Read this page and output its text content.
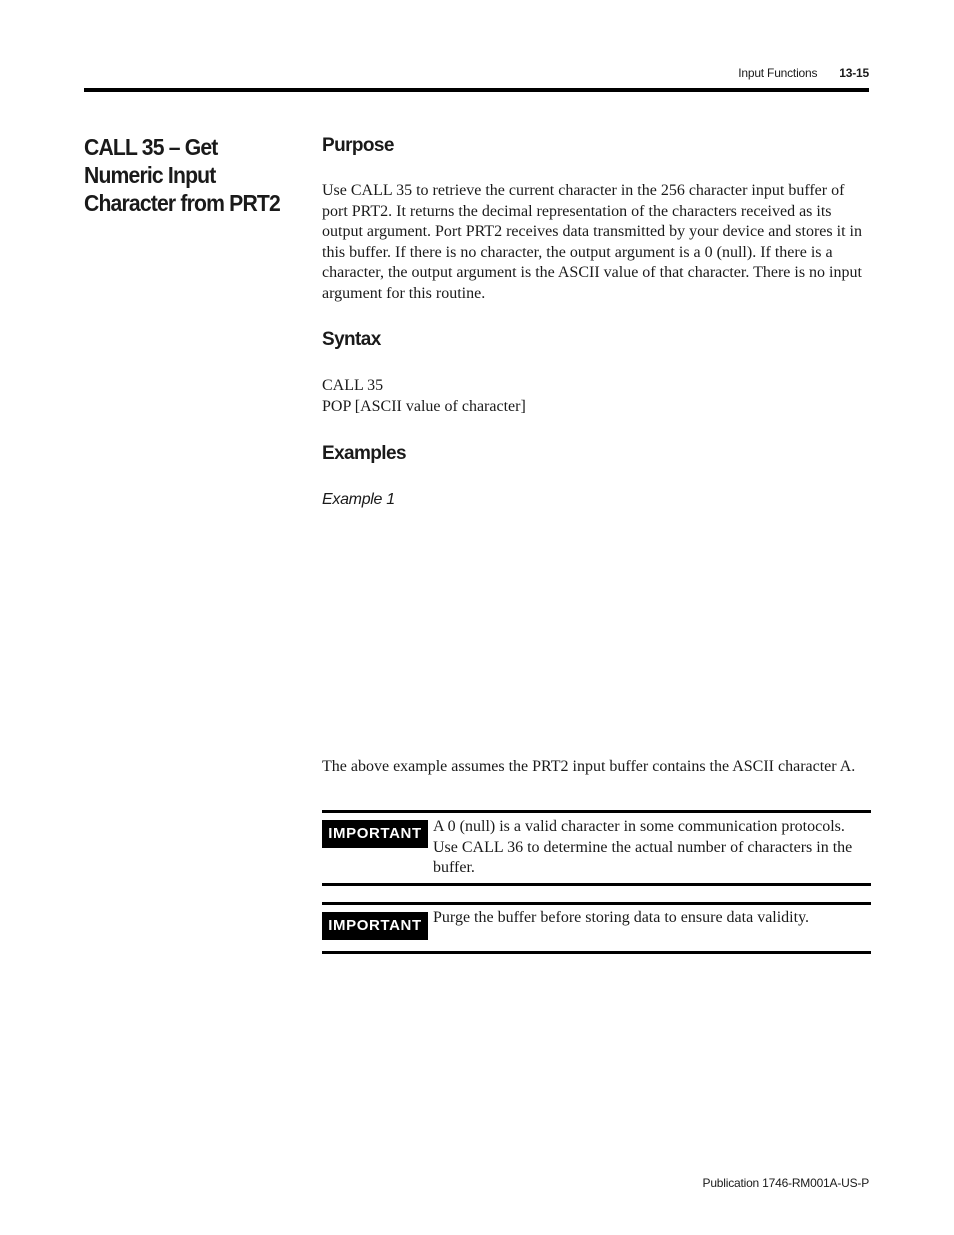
Input Functions 13-15
CALL 35 – Get Numeric Input Character from PRT2
Purpose
Use CALL 35 to retrieve the current character in the 256 character input buffer of port PRT2. It returns the decimal representation of the characters received as its output argument. Port PRT2 receives data transmitted by your device and stores it in this buffer. If there is no character, the output argument is a 0 (null). If there is a character, the output argument is the ASCII value of that character. There is no input argument for this routine.
Syntax
CALL 35
POP [ASCII value of character]
Examples
Example 1
The above example assumes the PRT2 input buffer contains the ASCII character A.
IMPORTANT A 0 (null) is a valid character in some communication protocols. Use CALL 36 to determine the actual number of characters in the buffer.
IMPORTANT Purge the buffer before storing data to ensure data validity.
Publication 1746-RM001A-US-P
